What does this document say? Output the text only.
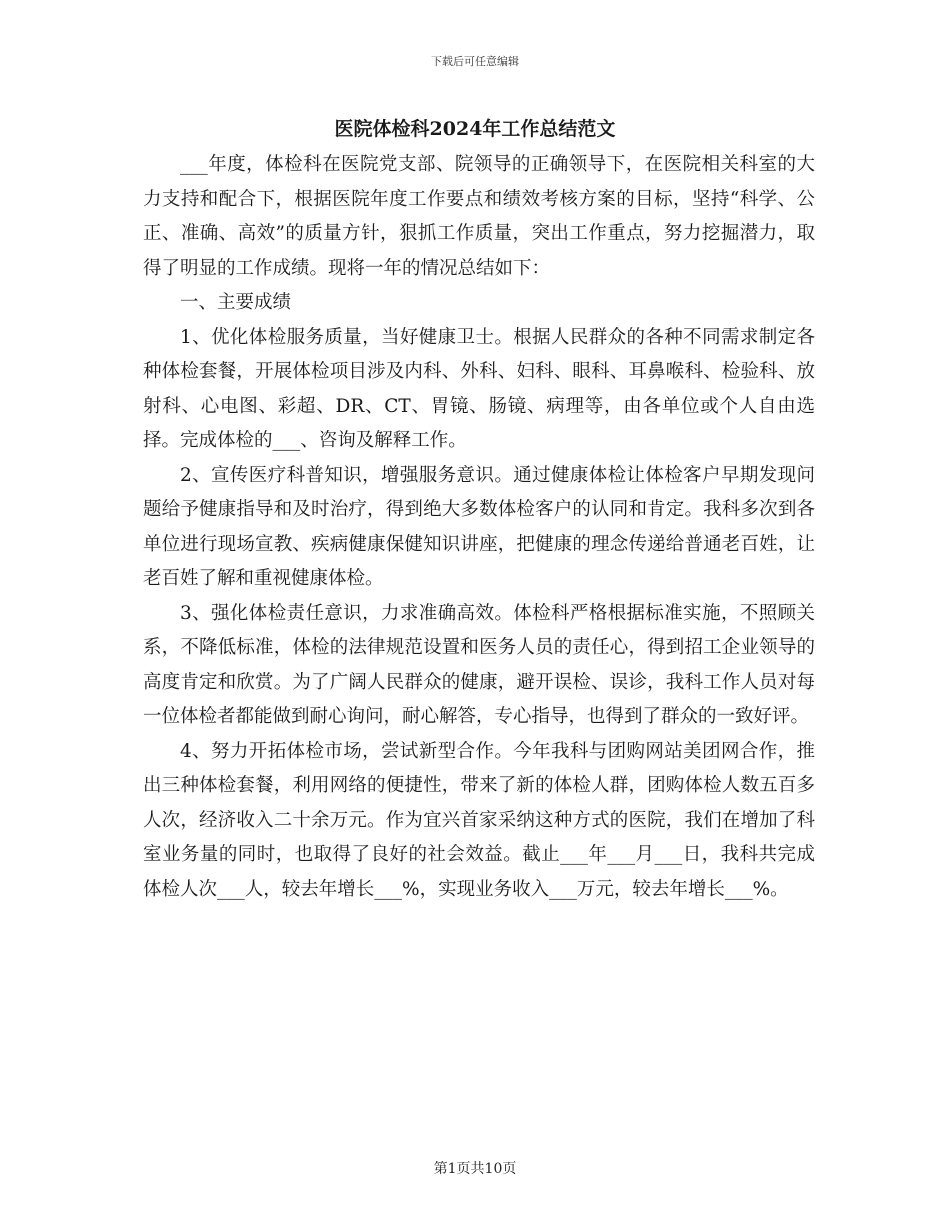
下载后可任意编辑
医院体检科2024年工作总结范文

___年度，体检科在医院党支部、院领导的正确领导下，在医院相关科室的大力支持和配合下，根据医院年度工作要点和绩效考核方案的目标，坚持“科学、公正、准确、高效”的质量方针，狠抓工作质量，突出工作重点，努力挖掘潜力，取得了明显的工作成绩。现将一年的情况总结如下：

一、主要成绩

1、优化体检服务质量，当好健康卫士。根据人民群众的各种不同需求制定各种体检套餐，开展体检项目涉及内科、外科、妇科、眼科、耳鼻喉科、检验科、放射科、心电图、彩超、DR、CT、胃镜、肠镜、病理等，由各单位或个人自由选择。完成体检的___、咨询及解释工作。

2、宣传医疗科普知识，增强服务意识。通过健康体检让体检客户早期发现问题给予健康指导和及时治疗，得到绝大多数体检客户的认同和肯定。我科多次到各单位进行现场宣教、疾病健康保健知识讲座，把健康的理念传递给普通老百姓，让老百姓了解和重视健康体检。

3、强化体检责任意识，力求准确高效。体检科严格根据标准实施，不照顾关系，不降低标准，体检的法律规范设置和医务人员的责任心，得到招工企业领导的高度肯定和欣赏。为了广阔人民群众的健康，避开误检、误诊，我科工作人员对每一位体检者都能做到耐心询问，耐心解答，专心指导，也得到了群众的一致好评。

4、努力开拓体检市场，尝试新型合作。今年我科与团购网站美团网合作，推出三种体检套餐，利用网络的便捷性，带来了新的体检人群，团购体检人数五百多人次，经济收入二十余万元。作为宜兴首家采纳这种方式的医院，我们在增加了科室业务量的同时，也取得了良好的社会效益。截止___年___月___日，我科共完成体检人次___人，较去年增长___%，实现业务收入___万元，较去年增长___%。

第1页共10页
